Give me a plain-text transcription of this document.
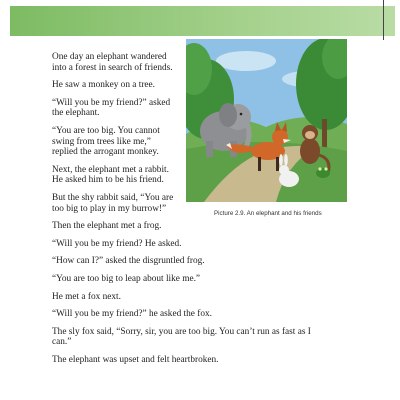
One day an elephant wandered
into a forest in search of friends.

He saw a monkey on a tree.

“Will you be my friend?” asked
the elephant.

“You are too big. You cannot
swing from trees like me,”
replied the arrogant monkey.

Next, the elephant met a rabbit.
He asked him to be his friend.

But the shy rabbit said, “You are
too big to play in my burrow!”

Then the elephant met a frog.

“Will you be my friend? He asked.

“How can I?” asked the disgruntled frog.

“You are too big to leap about like me.”

He met a fox next.

“Will you be my friend?” he asked the fox.

The sly fox said, “Sorry, sir, you are too big. You can’t run as fast as I
can.”

The elephant was upset and felt heartbroken.

Picture 2.9. An elephant and his friends
